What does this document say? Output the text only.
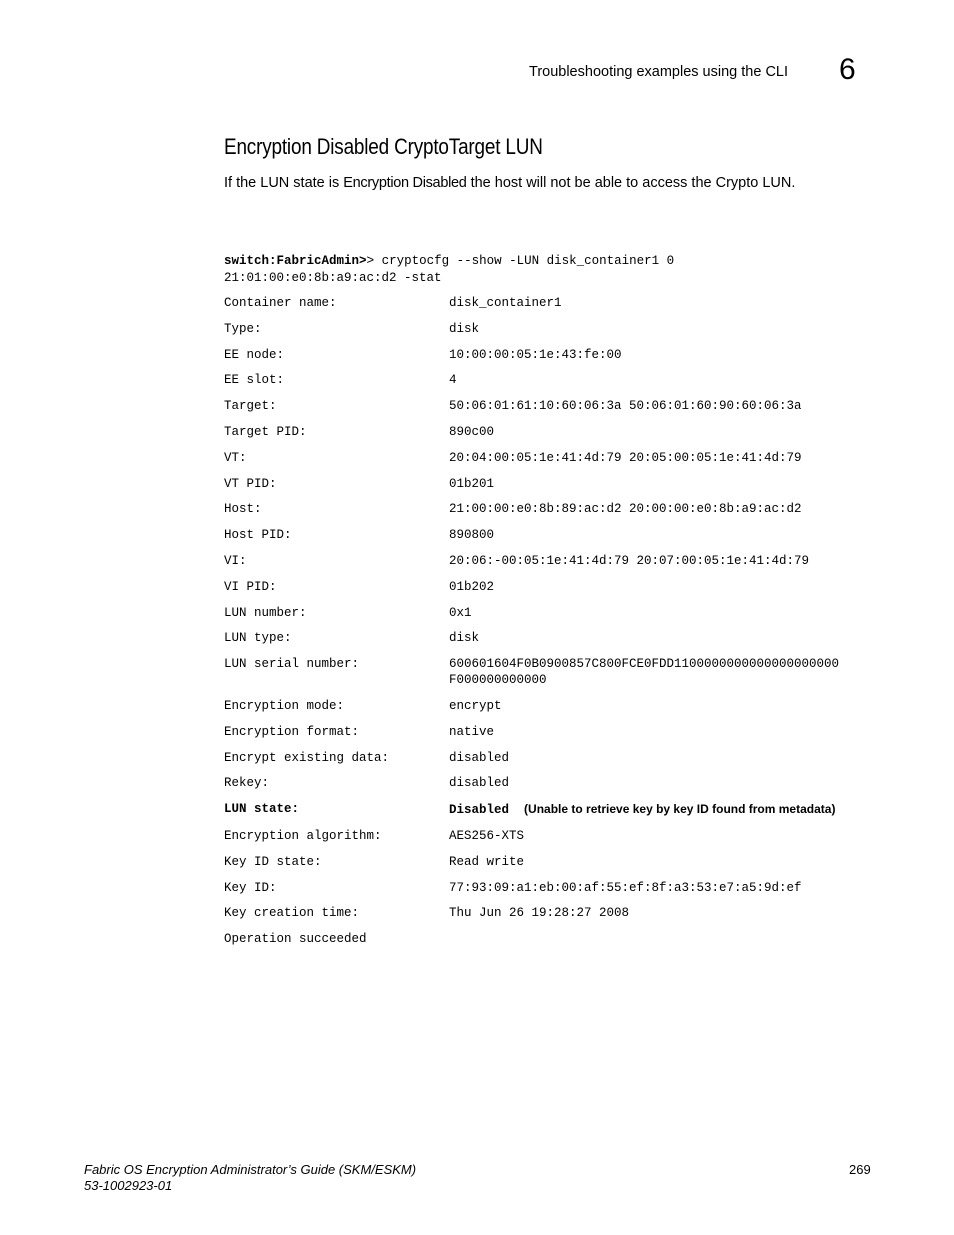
Troubleshooting examples using the CLI 6
Encryption Disabled CryptoTarget LUN

If the LUN state is Encryption Disabled the host will not be able to access the Crypto LUN.

switch:FabricAdmin>> cryptocfg --show -LUN disk_container1 0
21:01:00:e0:8b:a9:ac:d2 -stat
Container name:	disk_container1
Type:	disk
EE node:	10:00:00:05:1e:43:fe:00
EE slot:	4
Target:	50:06:01:61:10:60:06:3a 50:06:01:60:90:60:06:3a
Target PID:	890c00
VT:	20:04:00:05:1e:41:4d:79 20:05:00:05:1e:41:4d:79
VT PID:	01b201
Host:	21:00:00:e0:8b:89:ac:d2 20:00:00:e0:8b:a9:ac:d2
Host PID:	890800
VI:	20:06:-00:05:1e:41:4d:79 20:07:00:05:1e:41:4d:79
VI PID:	01b202
LUN number:	0x1
LUN type:	disk
LUN serial number:	600601604F0B0900857C800FCE0FDD1100000000000000000000
F000000000000
Encryption mode:	encrypt
Encryption format:	native
Encrypt existing data:	disabled
Rekey:	disabled
LUN state:	Disabled (Unable to retrieve key by key ID found from metadata)
Encryption algorithm:	AES256-XTS
Key ID state:	Read write
Key ID:	77:93:09:a1:eb:00:af:55:ef:8f:a3:53:e7:a5:9d:ef
Key creation time:	Thu Jun 26 19:28:27 2008
Operation succeeded
Fabric OS Encryption Administrator’s Guide (SKM/ESKM)
53-1002923-01
269
